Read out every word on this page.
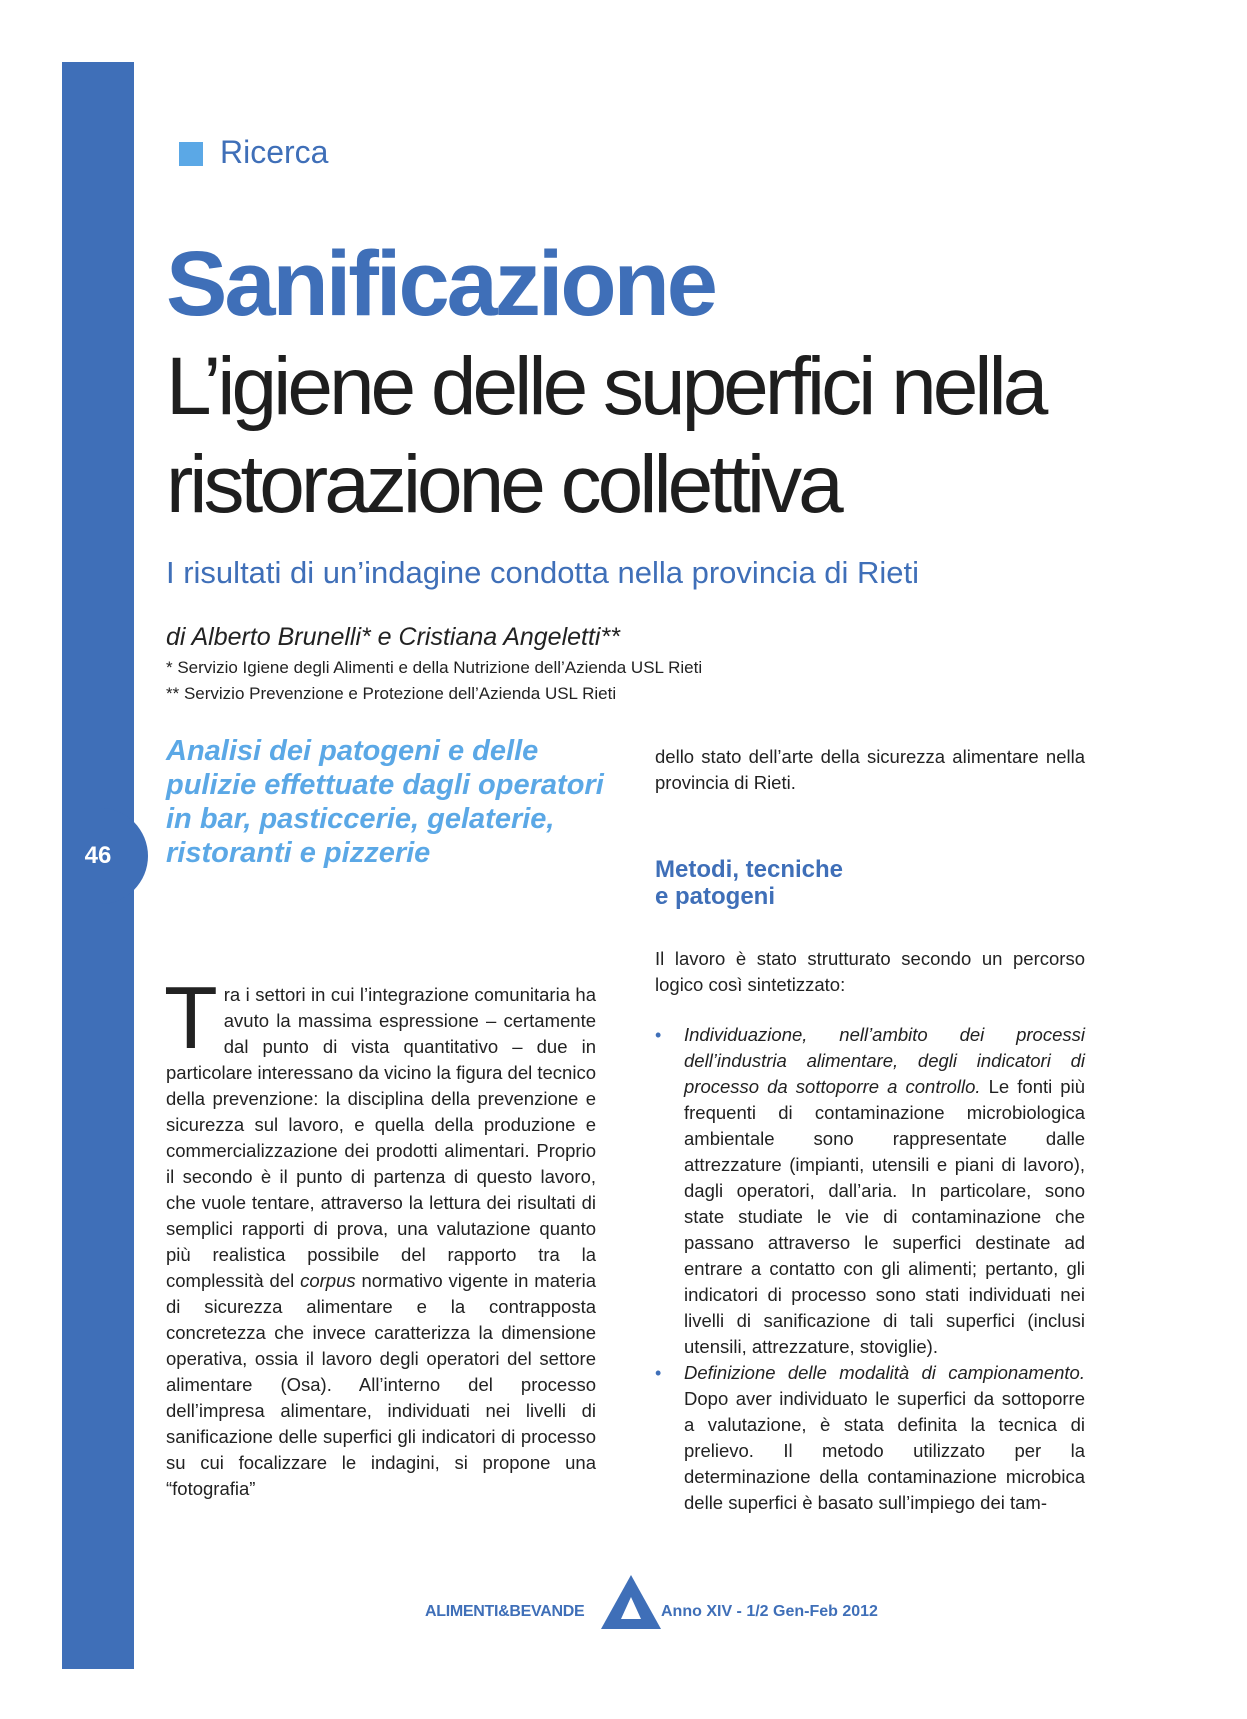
46
Ricerca
Sanificazione
L’igiene delle superfici nella ristorazione collettiva
I risultati di un’indagine condotta nella provincia di Rieti
di Alberto Brunelli* e Cristiana Angeletti**
* Servizio Igiene degli Alimenti e della Nutrizione dell’Azienda USL Rieti
** Servizio Prevenzione e Protezione dell’Azienda USL Rieti
Analisi dei patogeni e delle pulizie effettuate dagli operatori in bar, pasticcerie, gelaterie, ristoranti e pizzerie
T ra i settori in cui l’integrazione comunitaria ha avuto la massima espressione – certamente dal punto di vista quantitativo – due in particolare interessano da vicino la figura del tecnico della prevenzione: la disciplina della prevenzione e sicurezza sul lavoro, e quella della produzione e commercializzazione dei prodotti alimentari. Proprio il secondo è il punto di partenza di questo lavoro, che vuole tentare, attraverso la lettura dei risultati di semplici rapporti di prova, una valutazione quanto più realistica possibile del rapporto tra la complessità del corpus normativo vigente in materia di sicurezza alimentare e la contrapposta concretezza che invece caratterizza la dimensione operativa, ossia il lavoro degli operatori del settore alimentare (Osa). All’interno del processo dell’impresa alimentare, individuati nei livelli di sanificazione delle superfici gli indicatori di processo su cui focalizzare le indagini, si propone una “fotografia”

dello stato dell’arte della sicurezza alimentare nella provincia di Rieti.

Metodi, tecniche
e patogeni

Il lavoro è stato strutturato secondo un percorso logico così sintetizzato:

• Individuazione, nell’ambito dei processi dell’industria alimentare, degli indicatori di processo da sottoporre a controllo. Le fonti più frequenti di contaminazione microbiologica ambientale sono rappresentate dalle attrezzature (impianti, utensili e piani di lavoro), dagli operatori, dall’aria. In particolare, sono state studiate le vie di contaminazione che passano attraverso le superfici destinate ad entrare a contatto con gli alimenti; pertanto, gli indicatori di processo sono stati individuati nei livelli di sanificazione di tali superfici (inclusi utensili, attrezzature, stoviglie).
• Definizione delle modalità di campionamento. Dopo aver individuato le superfici da sottoporre a valutazione, è stata definita la tecnica di prelievo. Il metodo utilizzato per la determinazione della contaminazione microbica delle superfici è basato sull’impiego dei tam-
ALIMENTI&BEVANDE	Anno XIV - 1/2 Gen-Feb 2012
